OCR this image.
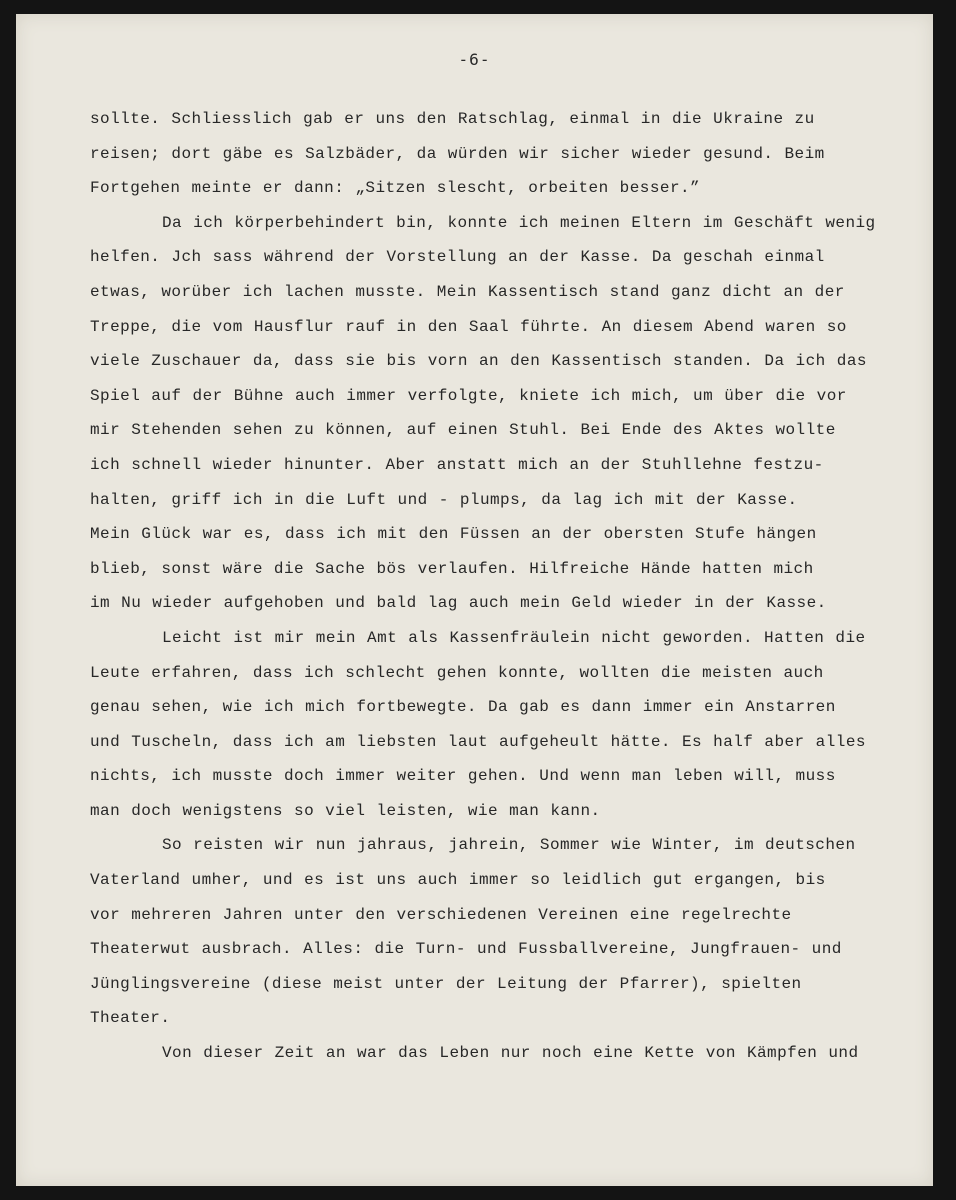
-6-
sollte. Schliesslich gab er uns den Ratschlag, einmal in die Ukraine zu
reisen; dort gäbe es Salzbäder, da würden wir sicher wieder gesund. Beim
Fortgehen meinte er dann: „Sitzen slescht, orbeiten besser.”
Da ich körperbehindert bin, konnte ich meinen Eltern im Geschäft wenig
helfen. Jch sass während der Vorstellung an der Kasse. Da geschah einmal
etwas, worüber ich lachen musste. Mein Kassentisch stand ganz dicht an der
Treppe, die vom Hausflur rauf in den Saal führte. An diesem Abend waren so
viele Zuschauer da, dass sie bis vorn an den Kassentisch standen. Da ich das
Spiel auf der Bühne auch immer verfolgte, kniete ich mich, um über die vor
mir Stehenden sehen zu können, auf einen Stuhl. Bei Ende des Aktes wollte
ich schnell wieder hinunter. Aber anstatt mich an der Stuhllehne festzu-
halten, griff ich in die Luft und - plumps, da lag ich mit der Kasse.
Mein Glück war es, dass ich mit den Füssen an der obersten Stufe hängen
blieb, sonst wäre die Sache bös verlaufen. Hilfreiche Hände hatten mich
im Nu wieder aufgehoben und bald lag auch mein Geld wieder in der Kasse.
Leicht ist mir mein Amt als Kassenfräulein nicht geworden. Hatten die
Leute erfahren, dass ich schlecht gehen konnte, wollten die meisten auch
genau sehen, wie ich mich fortbewegte. Da gab es dann immer ein Anstarren
und Tuscheln, dass ich am liebsten laut aufgeheult hätte. Es half aber alles
nichts, ich musste doch immer weiter gehen. Und wenn man leben will, muss
man doch wenigstens so viel leisten, wie man kann.
So reisten wir nun jahraus, jahrein, Sommer wie Winter, im deutschen
Vaterland umher, und es ist uns auch immer so leidlich gut ergangen, bis
vor mehreren Jahren unter den verschiedenen Vereinen eine regelrechte
Theaterwut ausbrach. Alles: die Turn- und Fussballvereine, Jungfrauen- und
Jünglingsvereine (diese meist unter der Leitung der Pfarrer), spielten
Theater.
Von dieser Zeit an war das Leben nur noch eine Kette von Kämpfen und
